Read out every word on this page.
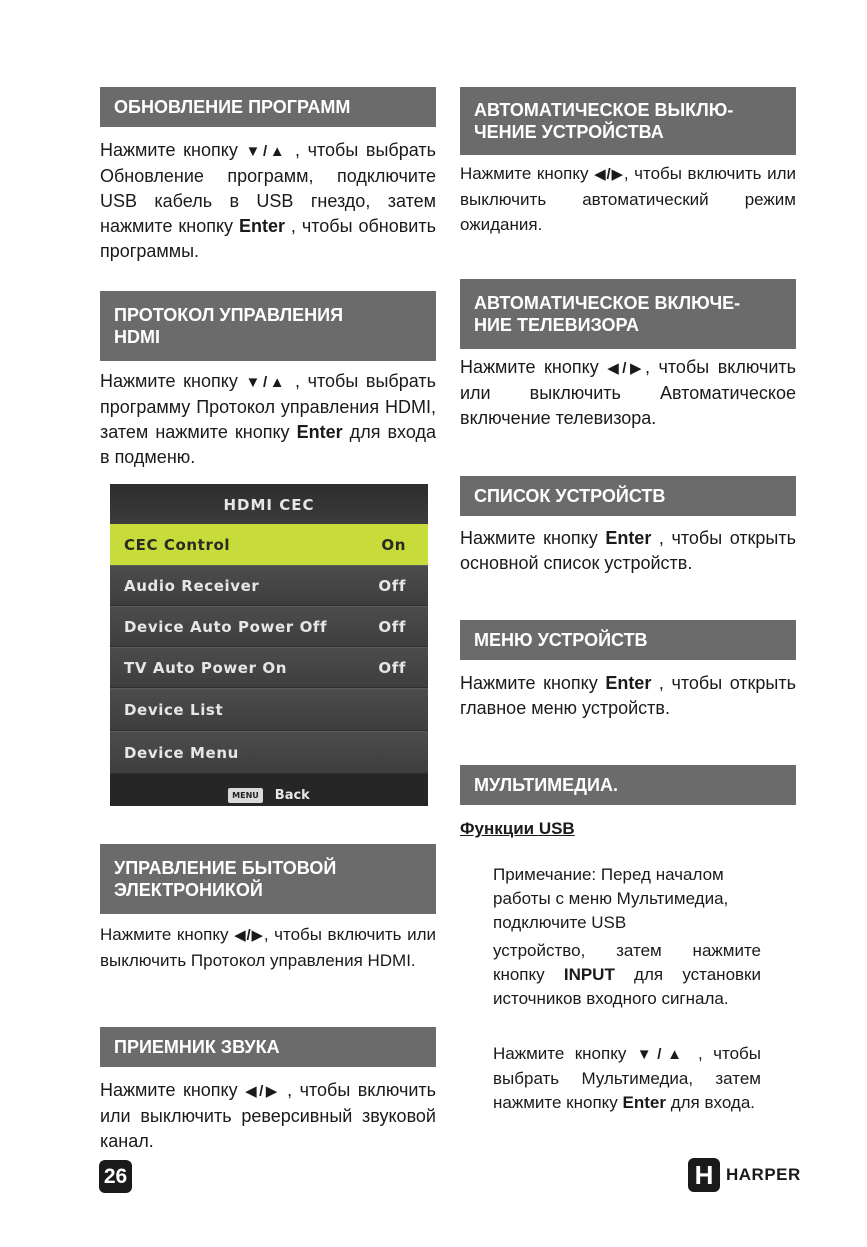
ОБНОВЛЕНИЕ ПРОГРАММ

Нажмите кнопку ▼/▲ , чтобы выбрать Обновление программ, подключите USB кабель в USB гнездо, затем нажмите кнопку Enter , чтобы обновить программы.

ПРОТОКОЛ УПРАВЛЕНИЯ
HDMI

Нажмите кнопку ▼/▲ , чтобы выбрать программу Протокол управления HDMI, затем нажмите кнопку Enter для входа в подменю.

HDMI CEC
CEC Control	On
Audio Receiver	Off
Device Auto Power Off	Off
TV Auto Power On	Off
Device List
Device Menu
MENU	Back
УПРАВЛЕНИЕ БЫТОВОЙ
ЭЛЕКТРОНИКОЙ

Нажмите кнопку ◀/▶, чтобы включить или выключить Протокол управления HDMI.

ПРИЕМНИК ЗВУКА

Нажмите кнопку ◀/▶ , чтобы включить или выключить реверсивный звуковой канал.

АВТОМАТИЧЕСКОЕ ВЫКЛЮ-
ЧЕНИЕ УСТРОЙСТВА

Нажмите кнопку ◀/▶, чтобы включить или выключить автоматический режим ожидания.

АВТОМАТИЧЕСКОЕ ВКЛЮЧЕ-
НИЕ ТЕЛЕВИЗОРА

Нажмите кнопку ◀/▶, чтобы включить или выключить Автоматическое включение телевизора.

СПИСОК УСТРОЙСТВ

Нажмите кнопку Enter , чтобы открыть основной список устройств.

МЕНЮ УСТРОЙСТВ

Нажмите кнопку Enter , чтобы открыть главное меню устройств.

МУЛЬТИМЕДИА.
Функции USB

Примечание: Перед началом работы с меню Мультимедиа, подключите USB

устройство, затем нажмите кнопку INPUT для установки источников входного сигнала.

Нажмите кнопку ▼/▲ , чтобы выбрать Мультимедиа, затем нажмите кнопку Enter для входа.

26	H HARPER
